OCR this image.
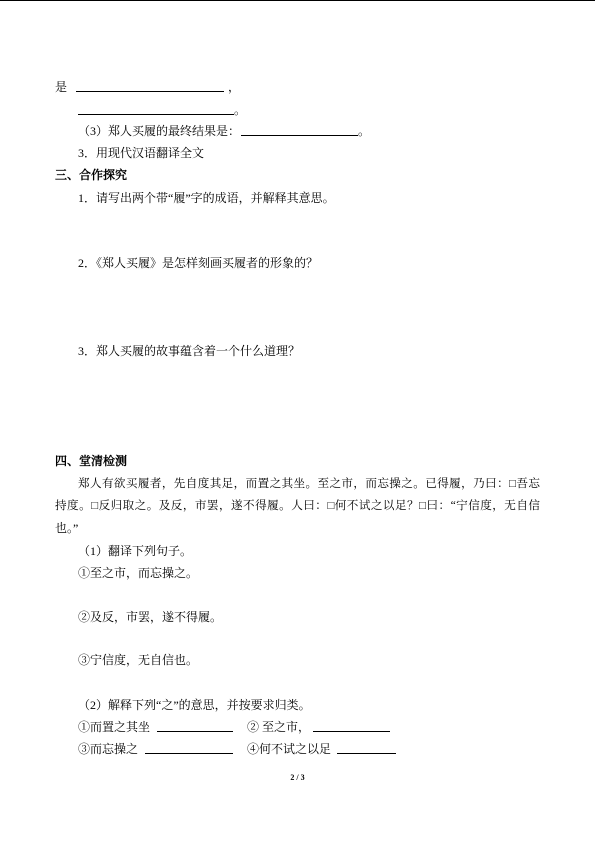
是	，
。
（3）郑人买履的最终结果是：	。
3．用现代汉语翻译全文
三、合作探究
1．请写出两个带“履”字的成语，并解释其意思。
2．《郑人买履》是怎样刻画买履者的形象的？
3．郑人买履的故事蕴含着一个什么道理？
四、堂清检测
郑人有欲买履者，先自度其足，而置之其坐。至之市，而忘操之。已得履，乃曰：□吾忘
持度。□反归取之。及反，市罢，遂不得履。人曰：□何不试之以足？□曰：“宁信度，无自信
也。”
（1）翻译下列句子。
①至之市，而忘操之。
②及反，市罢，遂不得履。
③宁信度，无自信也。
（2）解释下列“之”的意思，并按要求归类。
①而置之其坐	② 至之市，
③而忘操之	④何不试之以足
2 / 3
